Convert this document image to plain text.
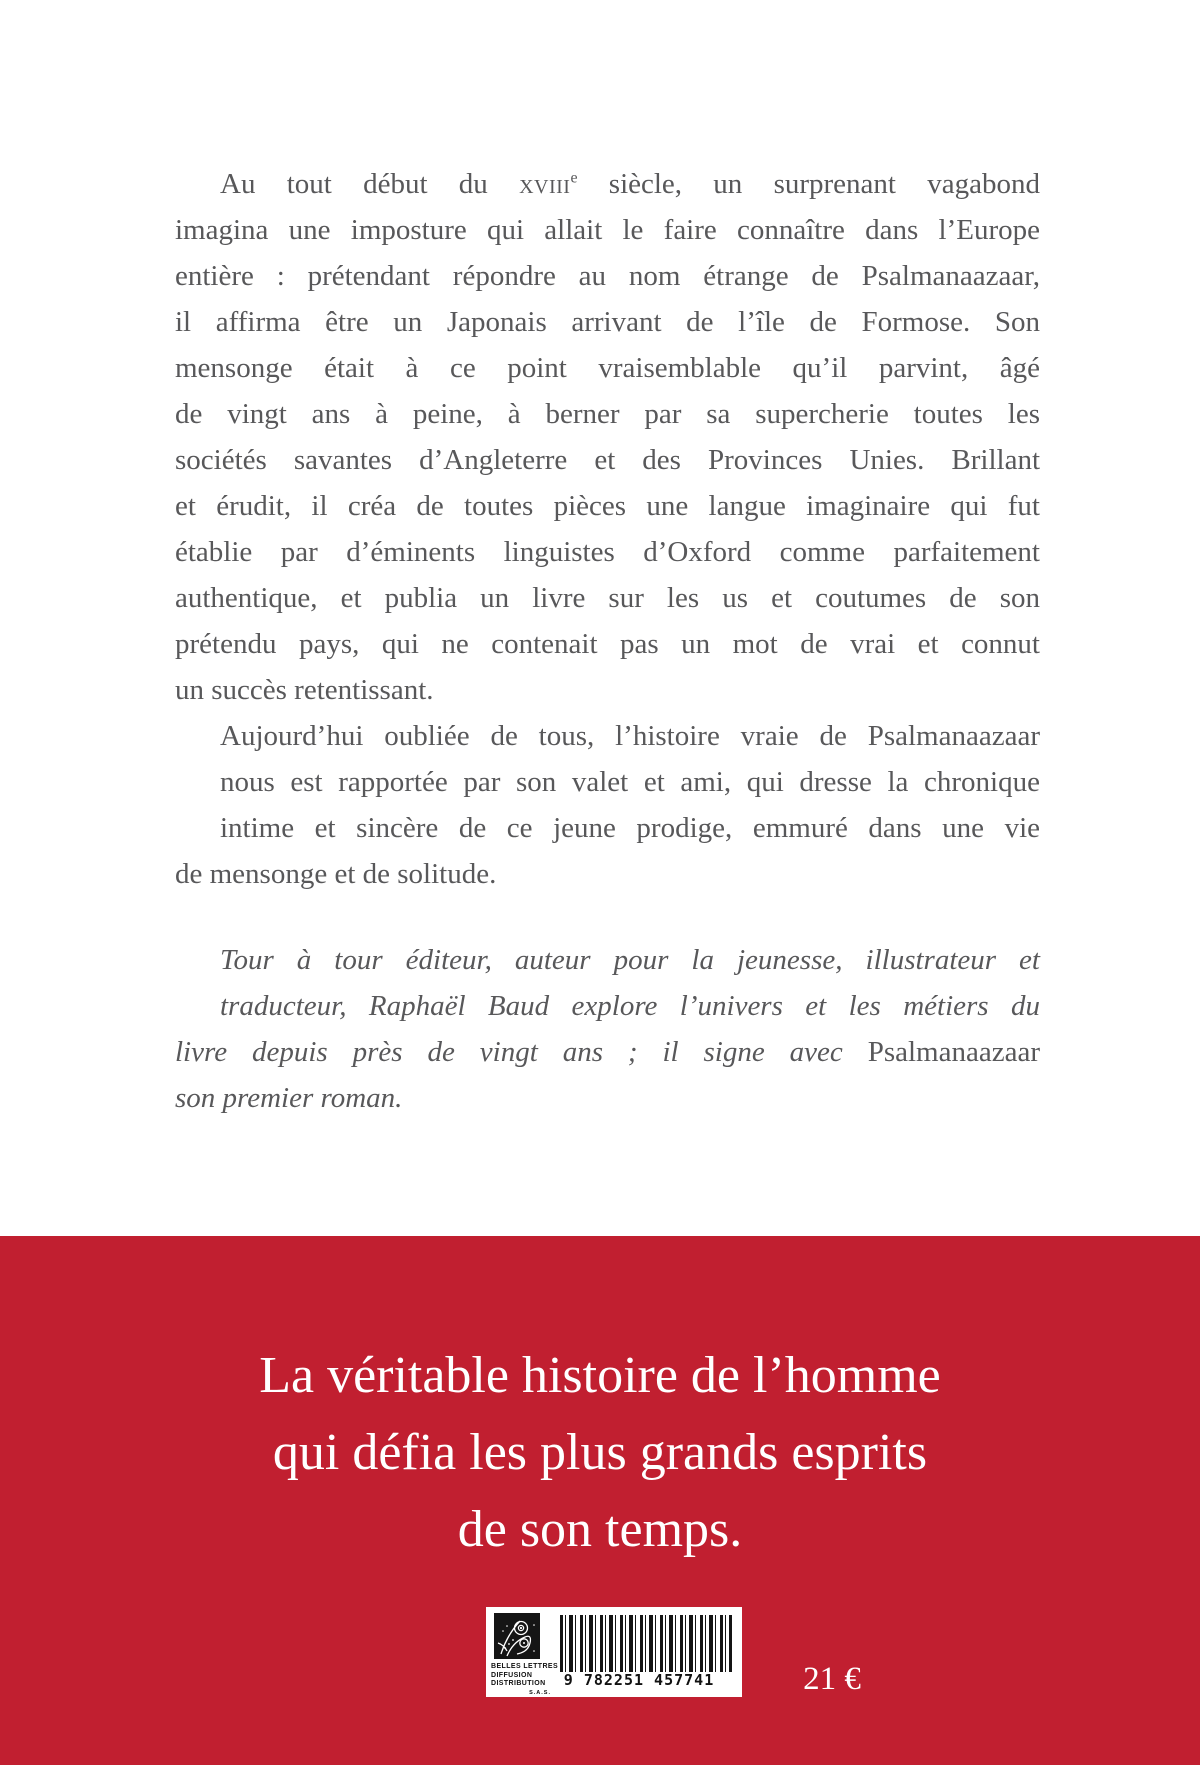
Au tout début du xviii$^e$ siècle, un surprenant vagabond
imagina une imposture qui allait le faire connaître dans l’Europe
entière : prétendant répondre au nom étrange de Psalmanaazaar,
il affirma être un Japonais arrivant de l’île de Formose. Son
mensonge était à ce point vraisemblable qu’il parvint, âgé
de vingt ans à peine, à berner par sa supercherie toutes les
sociétés savantes d’Angleterre et des Provinces Unies. Brillant
et érudit, il créa de toutes pièces une langue imaginaire qui fut
établie par d’éminents linguistes d’Oxford comme parfaitement
authentique, et publia un livre sur les us et coutumes de son
prétendu pays, qui ne contenait pas un mot de vrai et connut
un succès retentissant.
Aujourd’hui oubliée de tous, l’histoire vraie de Psalmanaazaar
nous est rapportée par son valet et ami, qui dresse la chronique
intime et sincère de ce jeune prodige, emmuré dans une vie
de mensonge et de solitude.
Tour à tour éditeur, auteur pour la jeunesse, illustrateur et
traducteur, Raphaël Baud explore l’univers et les métiers du
livre depuis près de vingt ans ; il signe avec Psalmanaazaar
son premier roman.
La véritable histoire de l’homme
qui défia les plus grands esprits
de son temps.
BELLES LETTRES
DIFFUSION
DISTRIBUTION
S.A.S.
9 782251 457741	21 €
